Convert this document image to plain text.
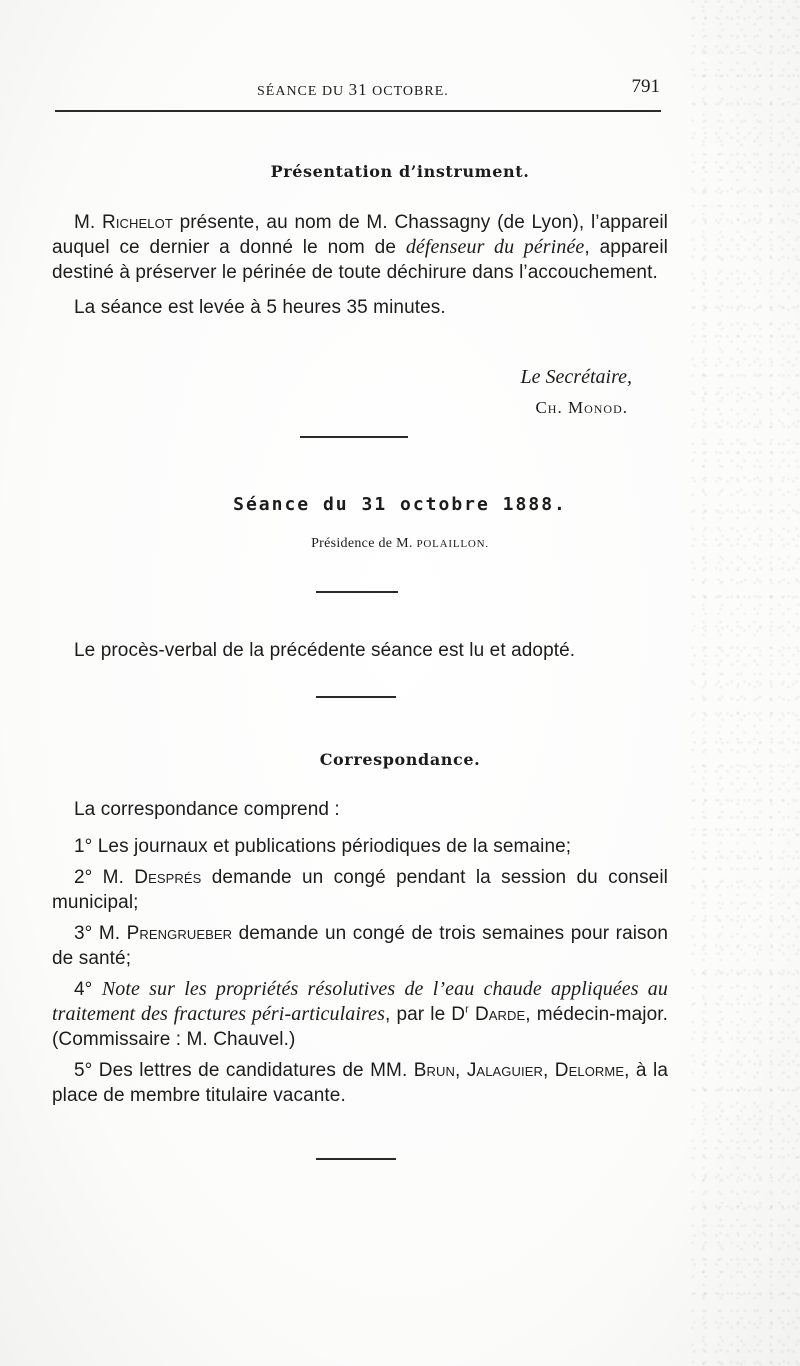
SÉANCE DU 31 OCTOBRE.	791
Présentation d’instrument.

M. Richelot présente, au nom de M. Chassagny (de Lyon), l’appareil auquel ce dernier a donné le nom de défenseur du périnée, appareil destiné à préserver le périnée de toute déchirure dans l’accouchement.

La séance est levée à 5 heures 35 minutes.

Le Secrétaire,
Ch. Monod.
Séance du 31 octobre 1888.
Présidence de M. POLAILLON.

Le procès-verbal de la précédente séance est lu et adopté.

Correspondance.

La correspondance comprend :

1° Les journaux et publications périodiques de la semaine;

2° M. Després demande un congé pendant la session du conseil municipal;

3° M. Prengrueber demande un congé de trois semaines pour raison de santé;

4° Note sur les propriétés résolutives de l’eau chaude appliquées au traitement des fractures péri-articulaires, par le $D^r$ Darde, médecin-major. (Commissaire : M. Chauvel.)

5° Des lettres de candidatures de MM. Brun, Jalaguier, Delorme, à la place de membre titulaire vacante.
